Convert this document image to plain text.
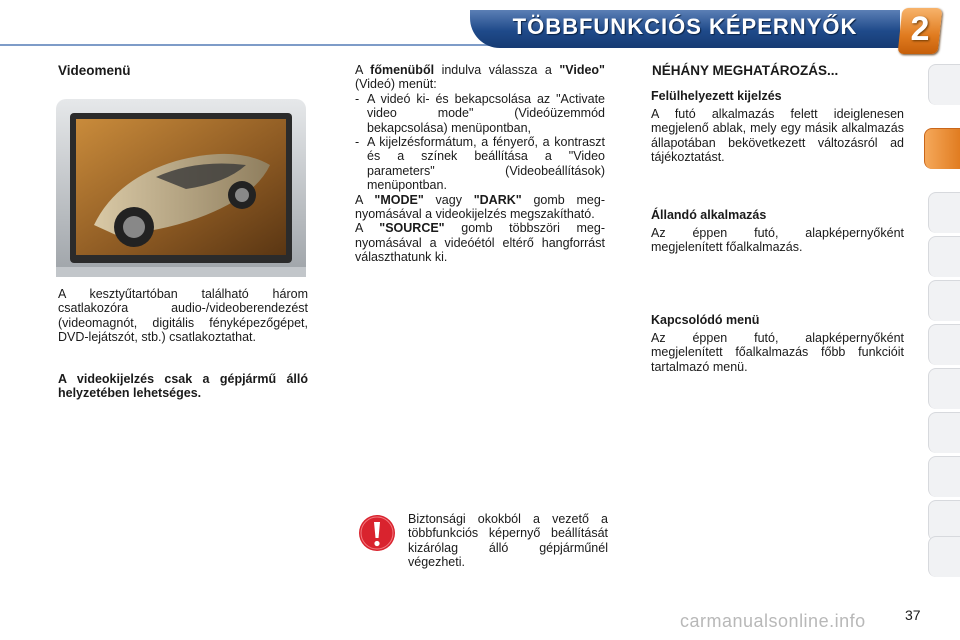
TÖBBFUNKCIÓS KÉPERNYŐK	2
Videomenü
A kesztyűtartóban található három csatlakozóra audio-/videoberendezést (videomagnót, digitális fényképezőgépet, DVD-lejátszót, stb.) csatlakoztathat.
A videokijelzés csak a gépjármű álló helyzetében lehetséges.

A főmenüből indulva válassza a "Video" (Videó) menüt:

- A videó ki- és bekapcsolása az "Activate video mode" (Videóüzemmód bekapcsolása) menüpontban,

- A kijelzésformátum, a fényerő, a kontraszt és a színek beállítása a "Video parameters" (Videobeállítások) menüpontban.

A "MODE" vagy "DARK" gomb megnyomásával a videokijelzés megszakítható.

A "SOURCE" gomb többszöri megnyomásával a videóétól eltérő hangforrást választhatunk ki.

Biztonsági okokból a vezető a többfunkciós képernyő beállítását kizárólag álló gépjárműnél végezheti.
NÉHÁNY MEGHATÁROZÁS...
Felülhelyezett kijelzés
A futó alkalmazás felett ideiglenesen megjelenő ablak, mely egy másik alkalmazás állapotában bekövetkezett változásról ad tájékoztatást.
Állandó alkalmazás
Az éppen futó, alapképernyőként megjelenített főalkalmazás.
Kapcsolódó menü
Az éppen futó, alapképernyőként megjelenített főalkalmazás főbb funkcióit tartalmazó menü.
carmanualsonline.info	37
